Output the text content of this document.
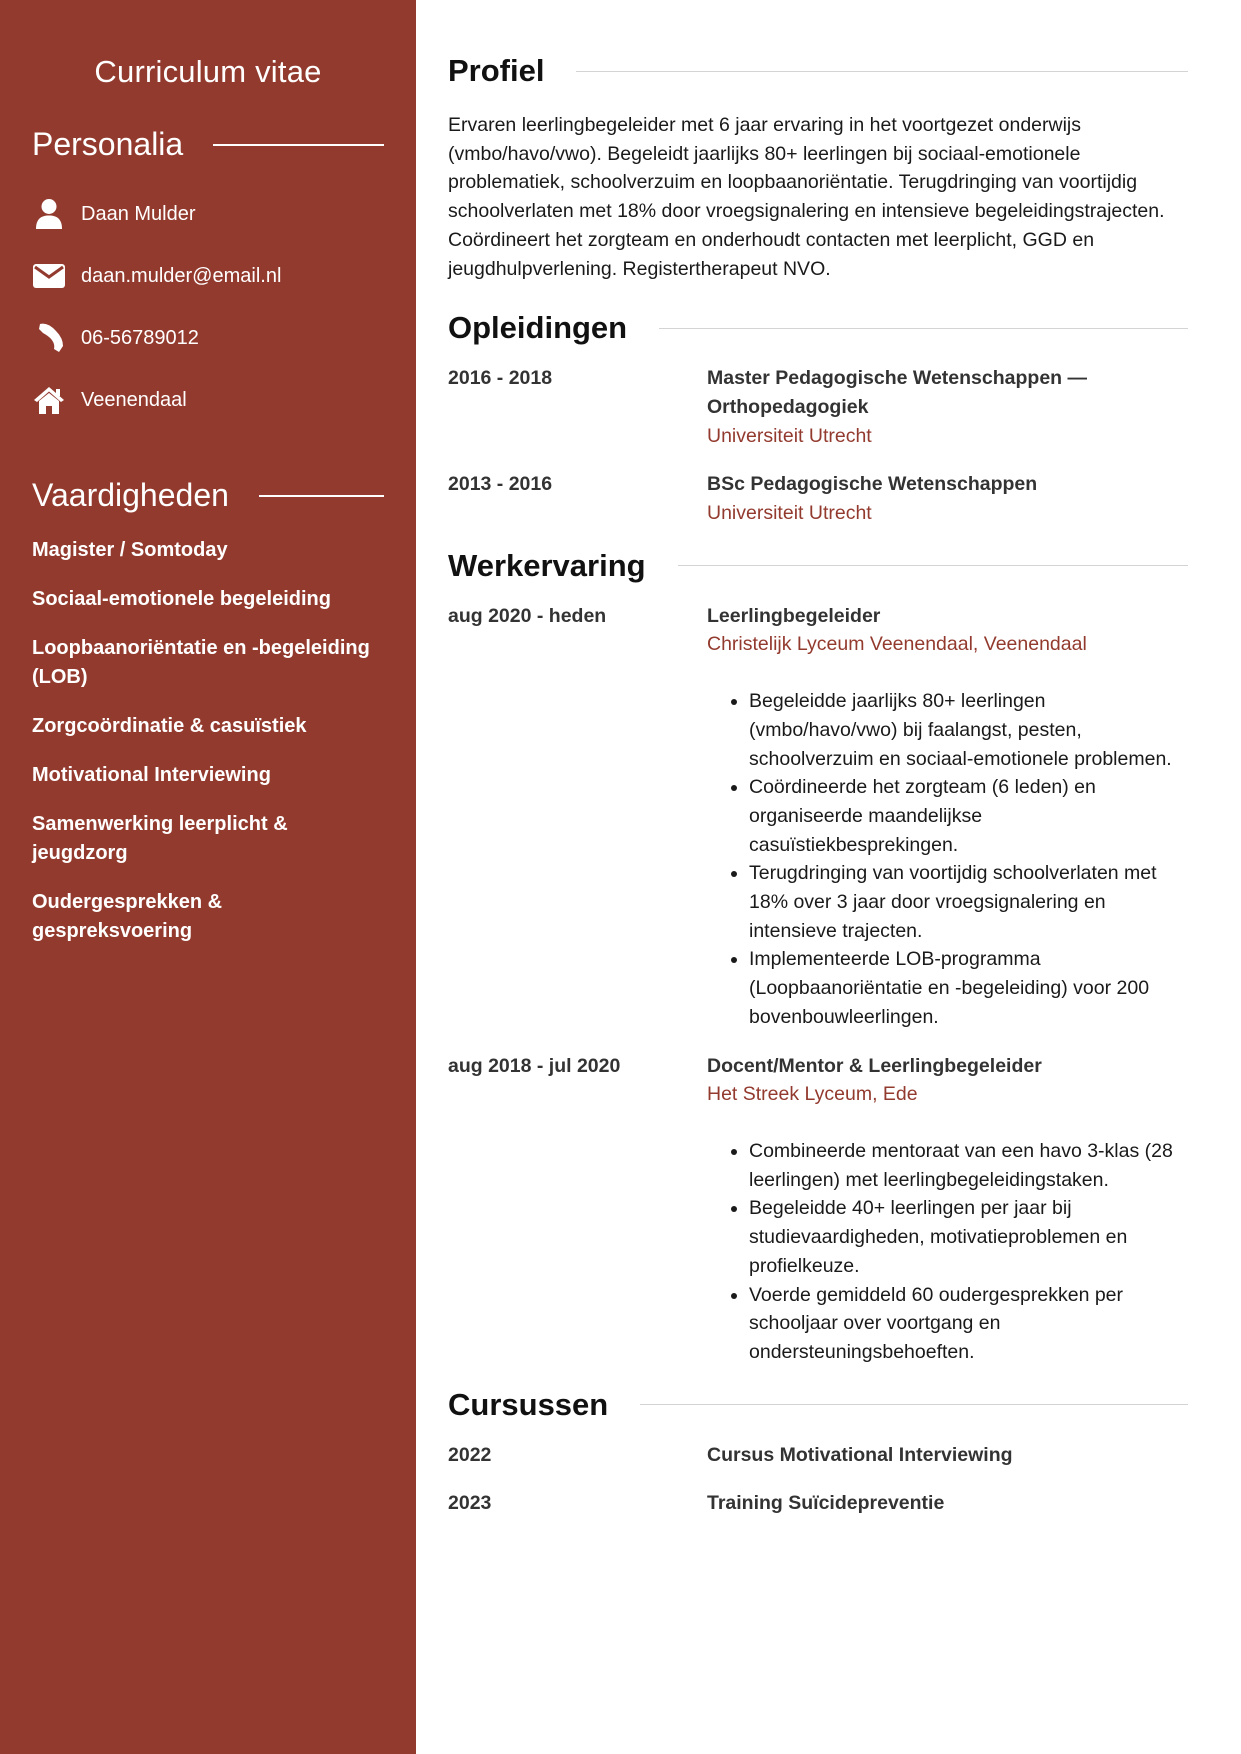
Curriculum vitae
Personalia
Daan Mulder
daan.mulder@email.nl
06-56789012
Veenendaal
Vaardigheden
Magister / Somtoday
Sociaal-emotionele begeleiding
Loopbaanoriëntatie en -begeleiding (LOB)
Zorgcoördinatie & casuïstiek
Motivational Interviewing
Samenwerking leerplicht & jeugdzorg
Oudergesprekken & gespreksvoering
Profiel

Ervaren leerlingbegeleider met 6 jaar ervaring in het voortgezet onderwijs (vmbo/havo/vwo). Begeleidt jaarlijks 80+ leerlingen bij sociaal-emotionele problematiek, schoolverzuim en loopbaanoriëntatie. Terugdringing van voortijdig schoolverlaten met 18% door vroegsignalering en intensieve begeleidingstrajecten. Coördineert het zorgteam en onderhoudt contacten met leerplicht, GGD en jeugdhulpverlening. Registertherapeut NVO.

Opleidingen
2016 - 2018	Master Pedagogische Wetenschappen — Orthopedagogiek
Universiteit Utrecht
2013 - 2016	BSc Pedagogische Wetenschappen
Universiteit Utrecht
Werkervaring
aug 2020 - heden	Leerlingbegeleider
Christelijk Lyceum Veenendaal, Veenendaal
• Begeleidde jaarlijks 80+ leerlingen (vmbo/havo/vwo) bij faalangst, pesten, schoolverzuim en sociaal-emotionele problemen.
• Coördineerde het zorgteam (6 leden) en organiseerde maandelijkse casuïstiekbesprekingen.
• Terugdringing van voortijdig schoolverlaten met 18% over 3 jaar door vroegsignalering en intensieve trajecten.
• Implementeerde LOB-programma (Loopbaanoriëntatie en -begeleiding) voor 200 bovenbouwleerlingen.
aug 2018 - jul 2020	Docent/Mentor & Leerlingbegeleider
Het Streek Lyceum, Ede
• Combineerde mentoraat van een havo 3-klas (28 leerlingen) met leerlingbegeleidingstaken.
• Begeleidde 40+ leerlingen per jaar bij studievaardigheden, motivatieproblemen en profielkeuze.
• Voerde gemiddeld 60 oudergesprekken per schooljaar over voortgang en ondersteuningsbehoeften.
Cursussen
2022	Cursus Motivational Interviewing
2023	Training Suïcidepreventie
